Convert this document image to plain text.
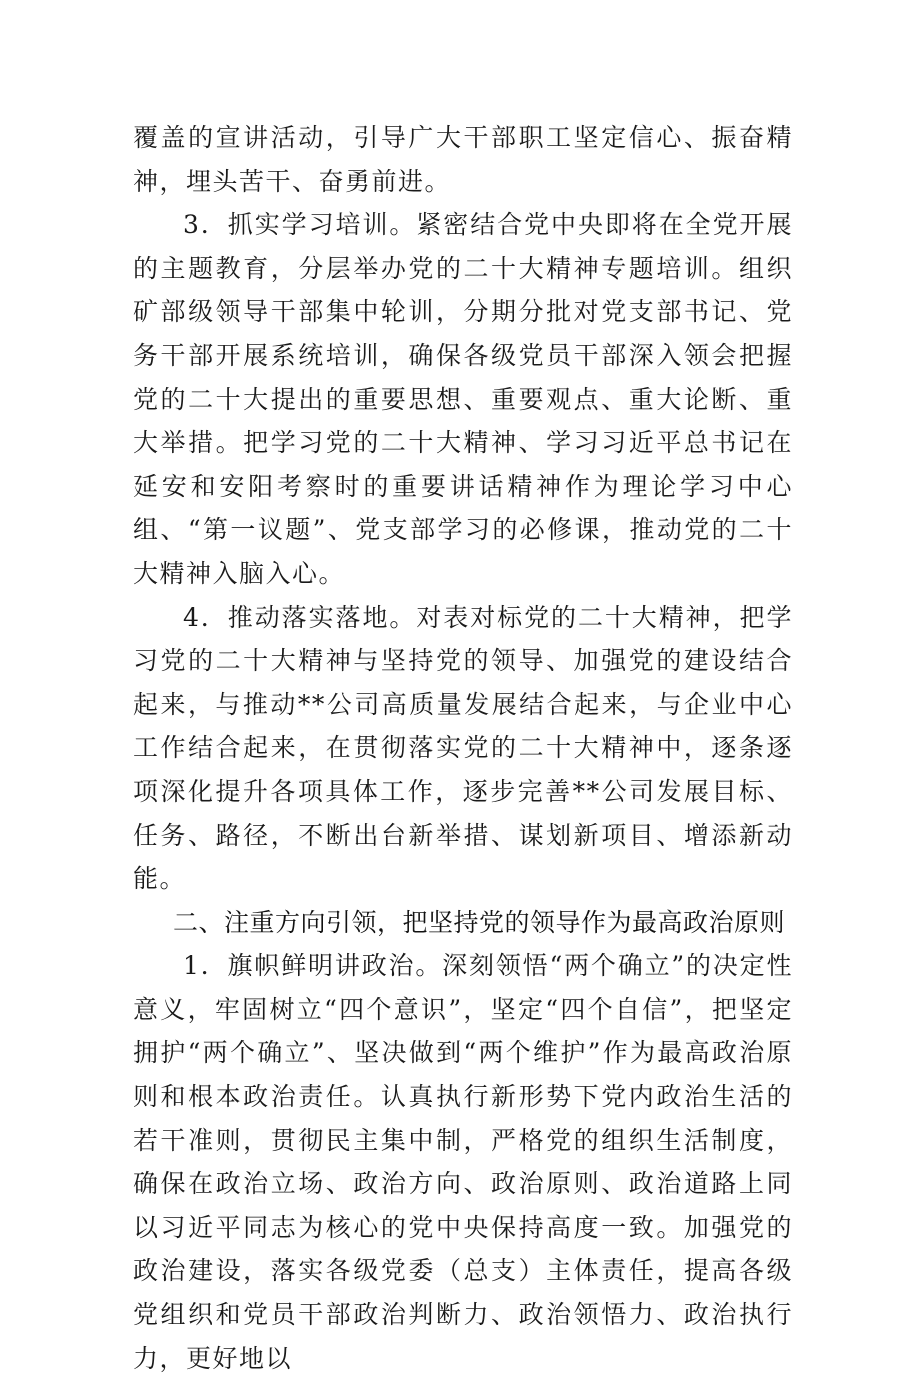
覆盖的宣讲活动，引导广大干部职工坚定信心、振奋精神，埋头苦干、奋勇前进。

3．抓实学习培训。紧密结合党中央即将在全党开展的主题教育，分层举办党的二十大精神专题培训。组织矿部级领导干部集中轮训，分期分批对党支部书记、党务干部开展系统培训，确保各级党员干部深入领会把握党的二十大提出的重要思想、重要观点、重大论断、重大举措。把学习党的二十大精神、学习习近平总书记在延安和安阳考察时的重要讲话精神作为理论学习中心组、“第一议题”、党支部学习的必修课，推动党的二十大精神入脑入心。

4．推动落实落地。对表对标党的二十大精神，把学习党的二十大精神与坚持党的领导、加强党的建设结合起来，与推动**公司高质量发展结合起来，与企业中心工作结合起来，在贯彻落实党的二十大精神中，逐条逐项深化提升各项具体工作，逐步完善**公司发展目标、任务、路径，不断出台新举措、谋划新项目、增添新动能。

二、注重方向引领，把坚持党的领导作为最高政治原则

1．旗帜鲜明讲政治。深刻领悟“两个确立”的决定性意义，牢固树立“四个意识”，坚定“四个自信”，把坚定拥护“两个确立”、坚决做到“两个维护”作为最高政治原则和根本政治责任。认真执行新形势下党内政治生活的若干准则，贯彻民主集中制，严格党的组织生活制度，确保在政治立场、政治方向、政治原则、政治道路上同以习近平同志为核心的党中央保持高度一致。加强党的政治建设，落实各级党委（总支）主体责任，提高各级党组织和党员干部政治判断力、政治领悟力、政治执行力，更好地以
